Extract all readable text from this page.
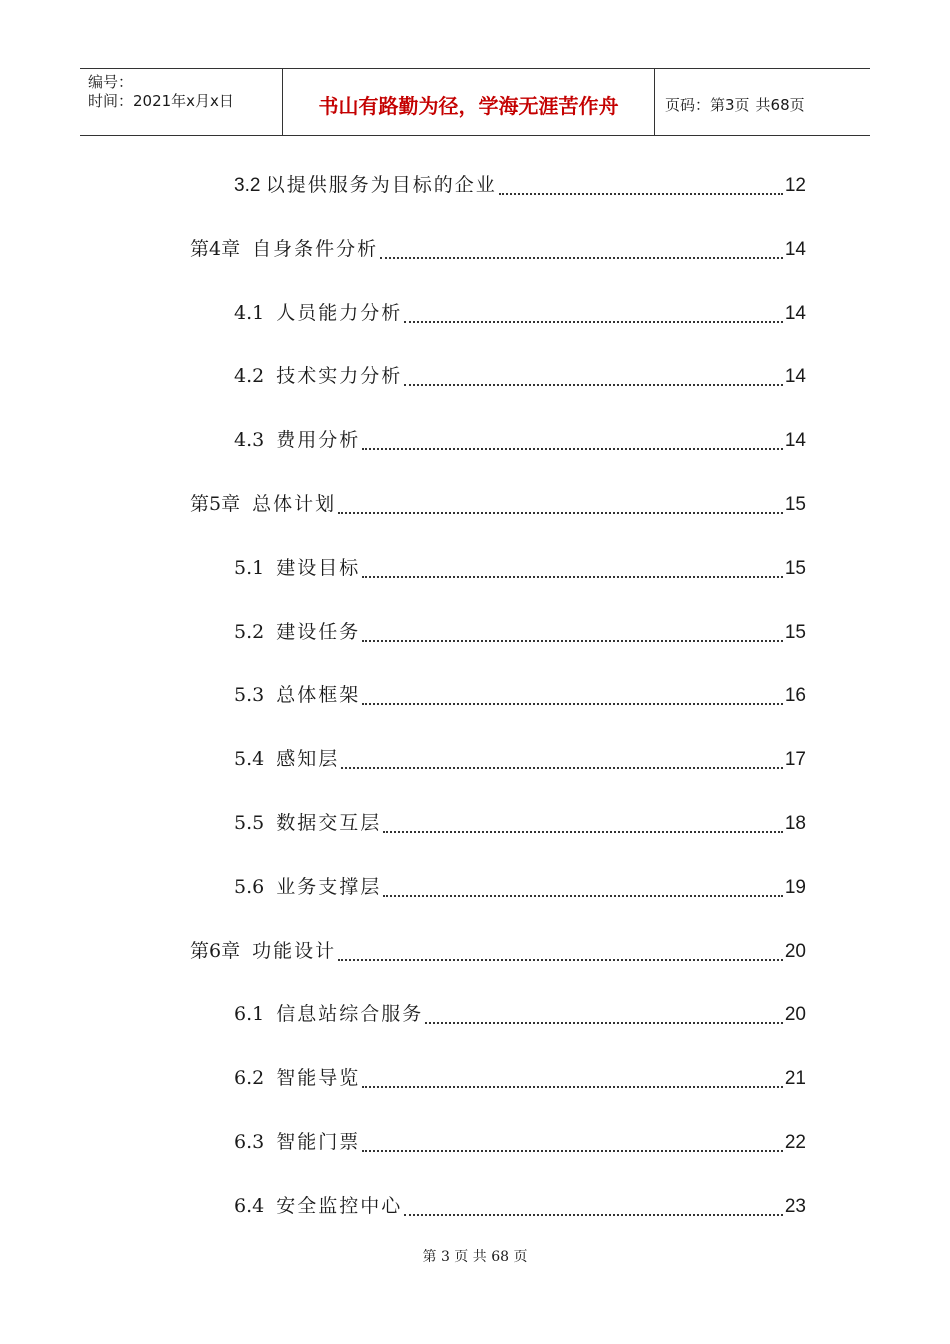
编号：
时间：2021年x月x日	书山有路勤为径，学海无涯苦作舟	页码：第3页 共68页
3.2 以提供服务为目标的企业	12
第4章 自身条件分析	14
4.1 人员能力分析	14
4.2 技术实力分析	14
4.3 费用分析	14
第5章 总体计划	15
5.1 建设目标	15
5.2 建设任务	15
5.3 总体框架	16
5.4 感知层	17
5.5 数据交互层	18
5.6 业务支撑层	19
第6章 功能设计	20
6.1 信息站综合服务	20
6.2 智能导览	21
6.3 智能门票	22
6.4 安全监控中心	23
第 3 页 共 68 页
